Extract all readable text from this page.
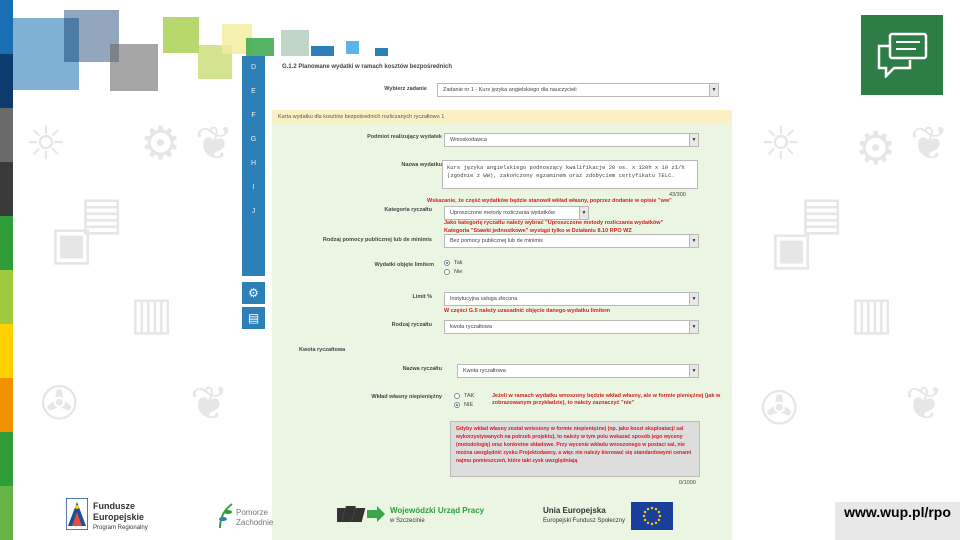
☼ ⚙ ❦
▤
▣
▥
✇ ❦
☼ ⚙ ❦
▤
▣
▥
✇ ❦
D
E
F
G
H
I
J
⚙
▤
G.1.2 Planowane wydatki w ramach kosztów bezpośrednich
Wybierz zadanie	Zadanie nr 1 - Kurs języka angielskiego dla nauczycieli	▼
Karta wydatku dla kosztów bezpośrednich rozliczanych ryczałtowo 1
Podmiot realizujący wydatek	Wnioskodawca	▼
Nazwa wydatku Kurs języka angielskiego podnoszący kwalifikacje 20 os. x 120h x 10 zł/h (zgodnie z WW), zakończony egzaminem oraz zdobyciem certyfikatu TELC.
43/300
Wskazanie, że część wydatków będzie stanowił wkład własny, poprzez dodanie w opisie "ww"
Kategoria ryczałtu	Uproszczone metody rozliczania wydatków	▼
Jako kategorię ryczałtu należy wybrać "Uproszczone metody rozliczania wydatków"
Kategoria "Stawki jednostkowe" wystąpi tylko w Działaniu 8.10 RPO WZ
Rodzaj pomocy publicznej lub de minimis	Bez pomocy publicznej lub de minimis	▼
Wydatki objęte limitem	Tak
Nie
Limit %	Instytucyjna usługa zlecona	▼
W części G.5 należy uzasadnić objęcie danego wydatku limitem
Rodzaj ryczałtu	kwota ryczałtowa	▼
Kwota ryczałtowa
Nazwa ryczałtu	Kwota ryczałtowa	▼
Wkład własny niepieniężny	TAK
NIE
Jeżeli w ramach wydatku wnoszony będzie wkład własny, ale w formie pieniężnej (jak w zobrazowanym przykładzie), to należy zaznaczyć "nie"
Gdyby wkład własny został wniesiony w formie niepieniężnej (np. jako koszt eksploatacji sal wykorzystywanych na potrzeb projektu), to należy w tym polu wskazać sposób jego wyceny (metodologię) oraz konkretne składowe. Przy wycenie wkładu wnoszonego w postaci sal, nie można uwzględnić zysku Projektodawcy, a więc nie należy kierować się standardowymi cenami najmu pomieszczeń, które taki zysk uwzględniają
0/1000
Fundusze
Europejskie
Program Regionalny
Pomorze
Zachodnie
Wojewódzki Urząd Pracy
w Szczecinie
Unia Europejska
Europejski Fundusz Społeczny
www.wup.pl/rpo
